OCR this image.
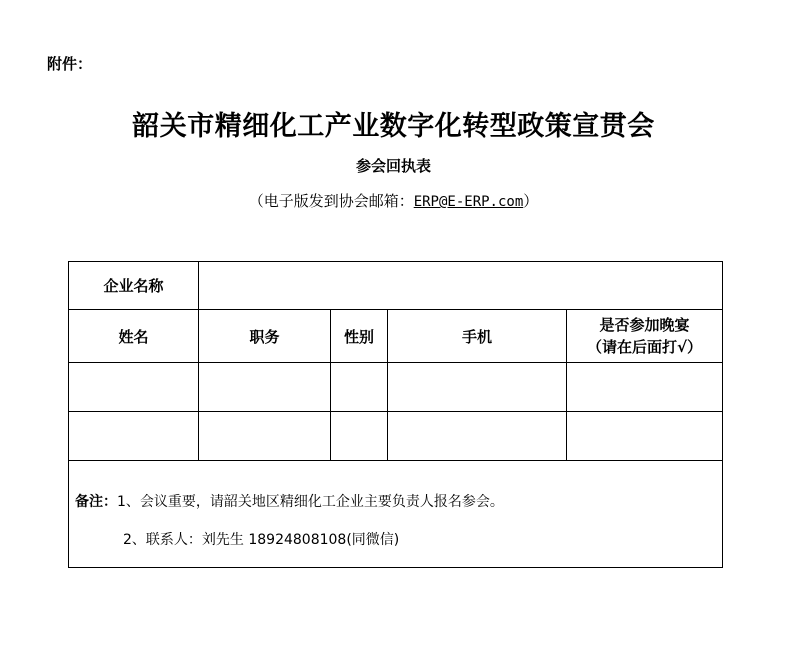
附件：
韶关市精细化工产业数字化转型政策宣贯会
参会回执表
（电子版发到协会邮箱：ERP@E-ERP.com）
企业名称				
姓名	职务	性别	手机	是否参加晚宴
（请在后面打√）

备注：1、会议重要，请韶关地区精细化工企业主要负责人报名参会。
2、联系人：刘先生 18924808108(同微信)				
